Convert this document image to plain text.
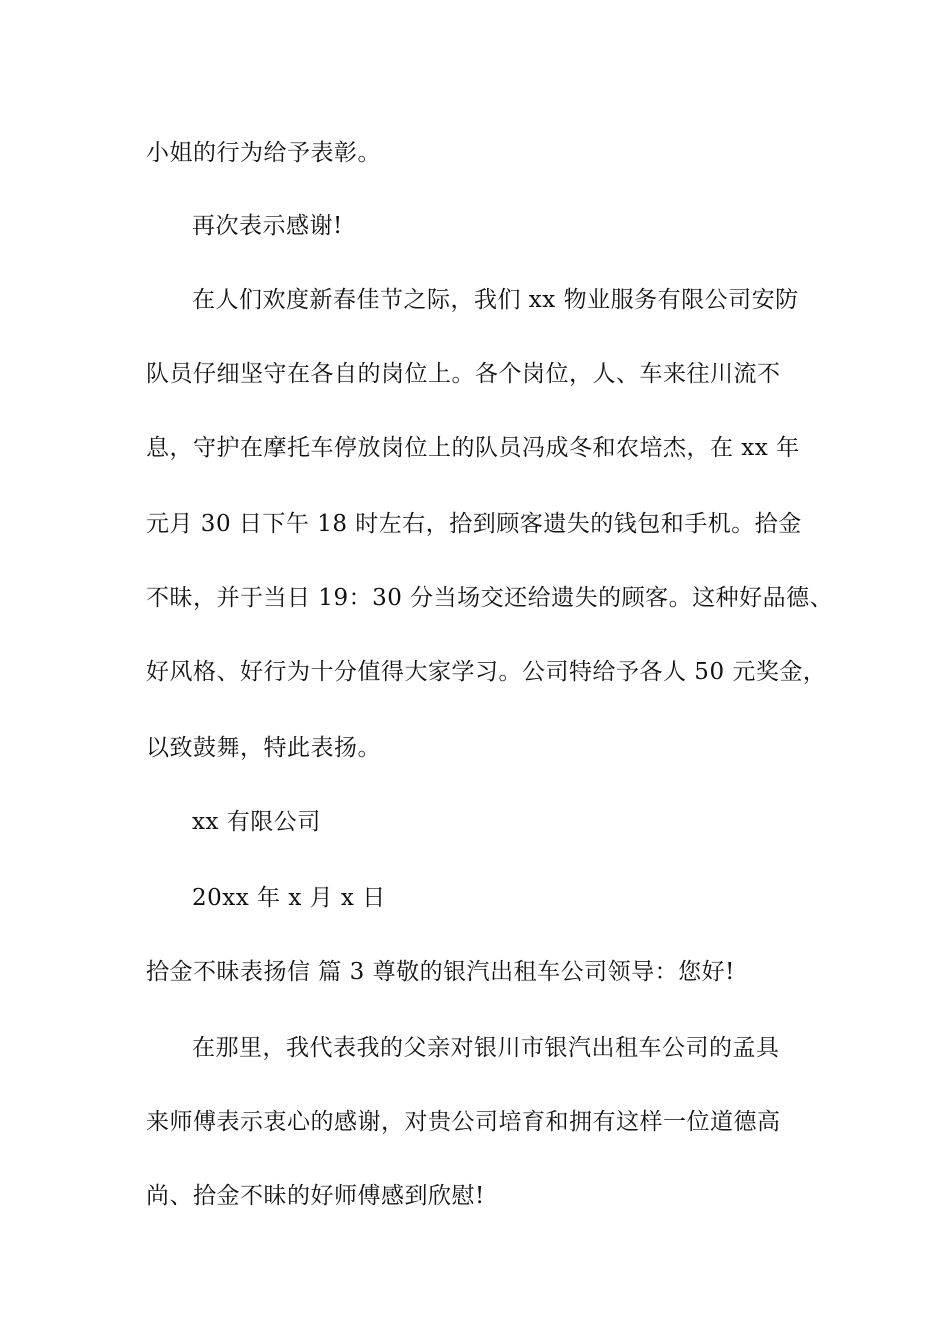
小姐的行为给予表彰。
再次表示感谢!
在人们欢度新春佳节之际，我们 xx 物业服务有限公司安防
队员仔细坚守在各自的岗位上。各个岗位，人、车来往川流不
息，守护在摩托车停放岗位上的队员冯成冬和农培杰，在 xx 年
元月 30 日下午 18 时左右，拾到顾客遗失的钱包和手机。拾金
不昧，并于当日 19：30 分当场交还给遗失的顾客。这种好品德、
好风格、好行为十分值得大家学习。公司特给予各人 50 元奖金，
以致鼓舞，特此表扬。
xx 有限公司
20xx 年 x 月 x 日
拾金不昧表扬信 篇 3 尊敬的银汽出租车公司领导：您好!
在那里，我代表我的父亲对银川市银汽出租车公司的孟具
来师傅表示衷心的感谢，对贵公司培育和拥有这样一位道德高
尚、拾金不昧的好师傅感到欣慰!
